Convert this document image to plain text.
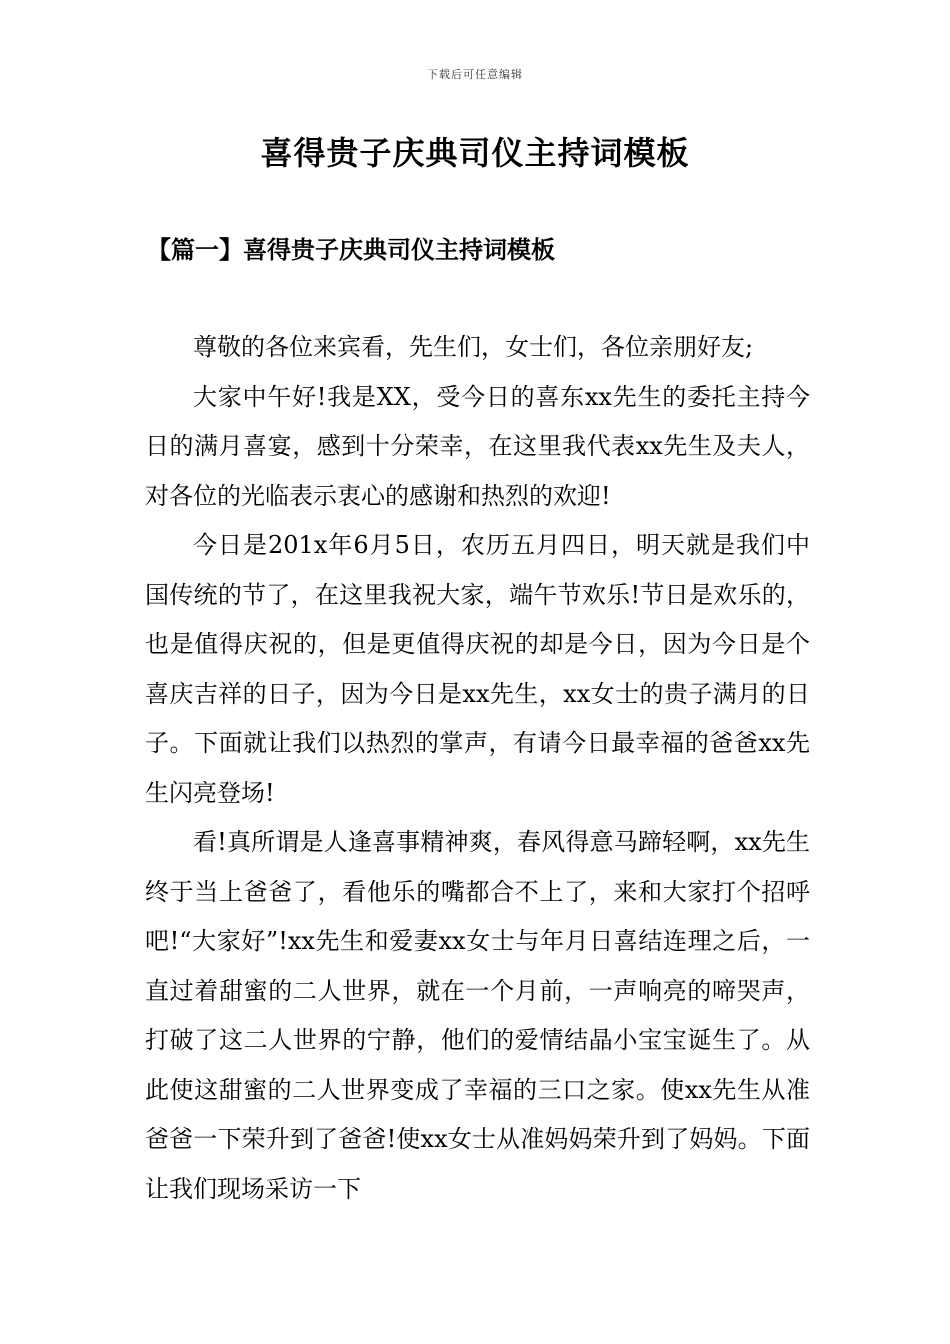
下载后可任意编辑
喜得贵子庆典司仪主持词模板
【篇一】喜得贵子庆典司仪主持词模板

尊敬的各位来宾看，先生们，女士们，各位亲朋好友;

大家中午好!我是XX，受今日的喜东xx先生的委托主持今日的满月喜宴，感到十分荣幸，在这里我代表xx先生及夫人，对各位的光临表示衷心的感谢和热烈的欢迎!

今日是201x年6月5日，农历五月四日，明天就是我们中国传统的节了，在这里我祝大家，端午节欢乐!节日是欢乐的，也是值得庆祝的，但是更值得庆祝的却是今日，因为今日是个喜庆吉祥的日子，因为今日是xx先生，xx女士的贵子满月的日子。下面就让我们以热烈的掌声，有请今日最幸福的爸爸xx先生闪亮登场!

看!真所谓是人逢喜事精神爽，春风得意马蹄轻啊，xx先生终于当上爸爸了，看他乐的嘴都合不上了，来和大家打个招呼吧!“大家好”!xx先生和爱妻xx女士与年月日喜结连理之后，一直过着甜蜜的二人世界，就在一个月前，一声响亮的啼哭声，打破了这二人世界的宁静，他们的爱情结晶小宝宝诞生了。从此使这甜蜜的二人世界变成了幸福的三口之家。使xx先生从准爸爸一下荣升到了爸爸!使xx女士从准妈妈荣升到了妈妈。下面让我们现场采访一下
